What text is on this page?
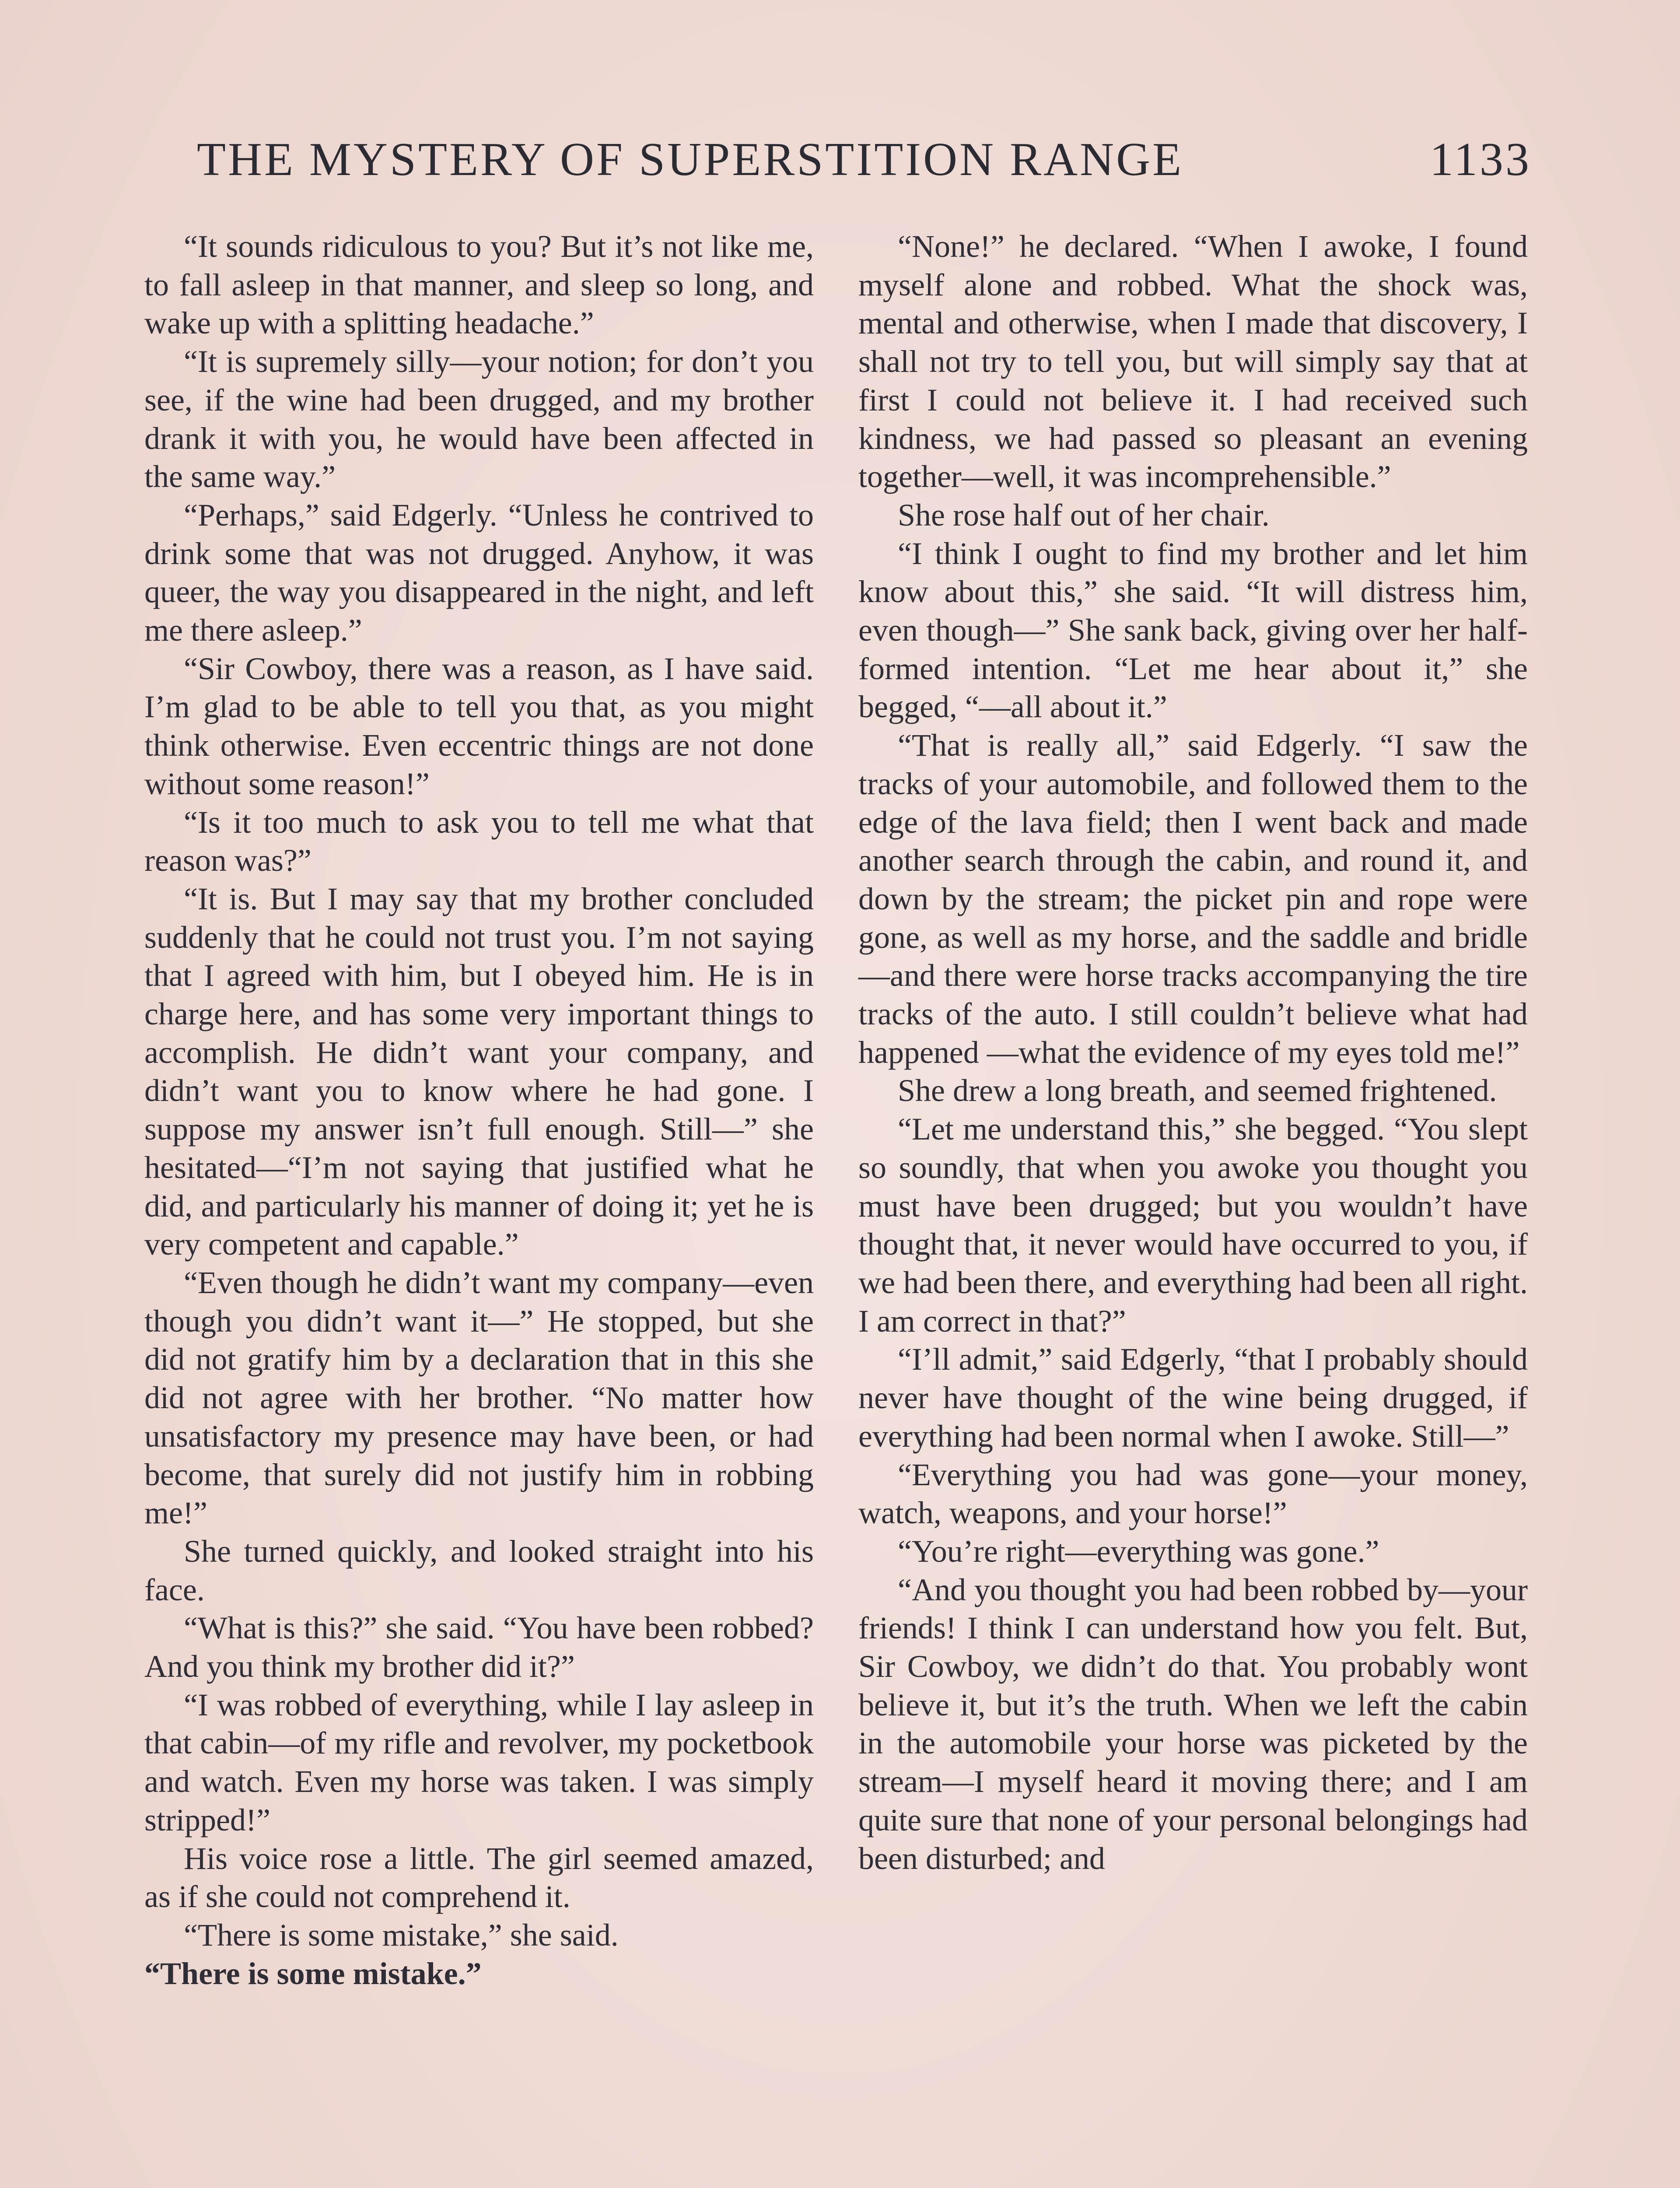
THE MYSTERY OF SUPERSTITION RANGE	1133

“It sounds ridiculous to you? But it’s not like me, to fall asleep in that manner, and sleep so long, and wake up with a splitting headache.”

“It is supremely silly—your notion; for don’t you see, if the wine had been drugged, and my brother drank it with you, he would have been affected in the same way.”

“Perhaps,” said Edgerly. “Unless he contrived to drink some that was not drugged. Anyhow, it was queer, the way you disappeared in the night, and left me there asleep.”

“Sir Cowboy, there was a reason, as I have said. I’m glad to be able to tell you that, as you might think otherwise. Even eccentric things are not done without some reason!”

“Is it too much to ask you to tell me what that reason was?”

“It is. But I may say that my brother concluded suddenly that he could not trust you. I’m not saying that I agreed with him, but I obeyed him. He is in charge here, and has some very important things to accomplish. He didn’t want your company, and didn’t want you to know where he had gone. I suppose my answer isn’t full enough. Still—” she hesitated—“I’m not saying that justified what he did, and particularly his manner of doing it; yet he is very competent and capable.”

“Even though he didn’t want my company—even though you didn’t want it—” He stopped, but she did not gratify him by a declaration that in this she did not agree with her brother. “No matter how unsatisfactory my presence may have been, or had become, that surely did not justify him in robbing me!”

She turned quickly, and looked straight into his face.

“What is this?” she said. “You have been robbed? And you think my brother did it?”

“I was robbed of everything, while I lay asleep in that cabin—of my rifle and revolver, my pocketbook and watch. Even my horse was taken. I was simply stripped!”

His voice rose a little. The girl seemed amazed, as if she could not comprehend it.

“There is some mistake,” she said.

“There is some mistake.”

“None!” he declared. “When I awoke, I found myself alone and robbed. What the shock was, mental and otherwise, when I made that discovery, I shall not try to tell you, but will simply say that at first I could not believe it. I had received such kindness, we had passed so pleasant an evening together—well, it was incomprehensible.”

She rose half out of her chair.

“I think I ought to find my brother and let him know about this,” she said. “It will distress him, even though—” She sank back, giving over her half-formed intention. “Let me hear about it,” she begged, “—all about it.”

“That is really all,” said Edgerly. “I saw the tracks of your automobile, and followed them to the edge of the lava field; then I went back and made another search through the cabin, and round it, and down by the stream; the picket pin and rope were gone, as well as my horse, and the saddle and bridle —and there were horse tracks accompanying the tire tracks of the auto. I still couldn’t believe what had happened —what the evidence of my eyes told me!”

She drew a long breath, and seemed frightened.

“Let me understand this,” she begged. “You slept so soundly, that when you awoke you thought you must have been drugged; but you wouldn’t have thought that, it never would have occurred to you, if we had been there, and everything had been all right. I am correct in that?”

“I’ll admit,” said Edgerly, “that I probably should never have thought of the wine being drugged, if everything had been normal when I awoke. Still—”

“Everything you had was gone—your money, watch, weapons, and your horse!”

“You’re right—everything was gone.”

“And you thought you had been robbed by—your friends! I think I can understand how you felt. But, Sir Cowboy, we didn’t do that. You probably wont believe it, but it’s the truth. When we left the cabin in the automobile your horse was picketed by the stream—I myself heard it moving there; and I am quite sure that none of your personal belongings had been disturbed; and
